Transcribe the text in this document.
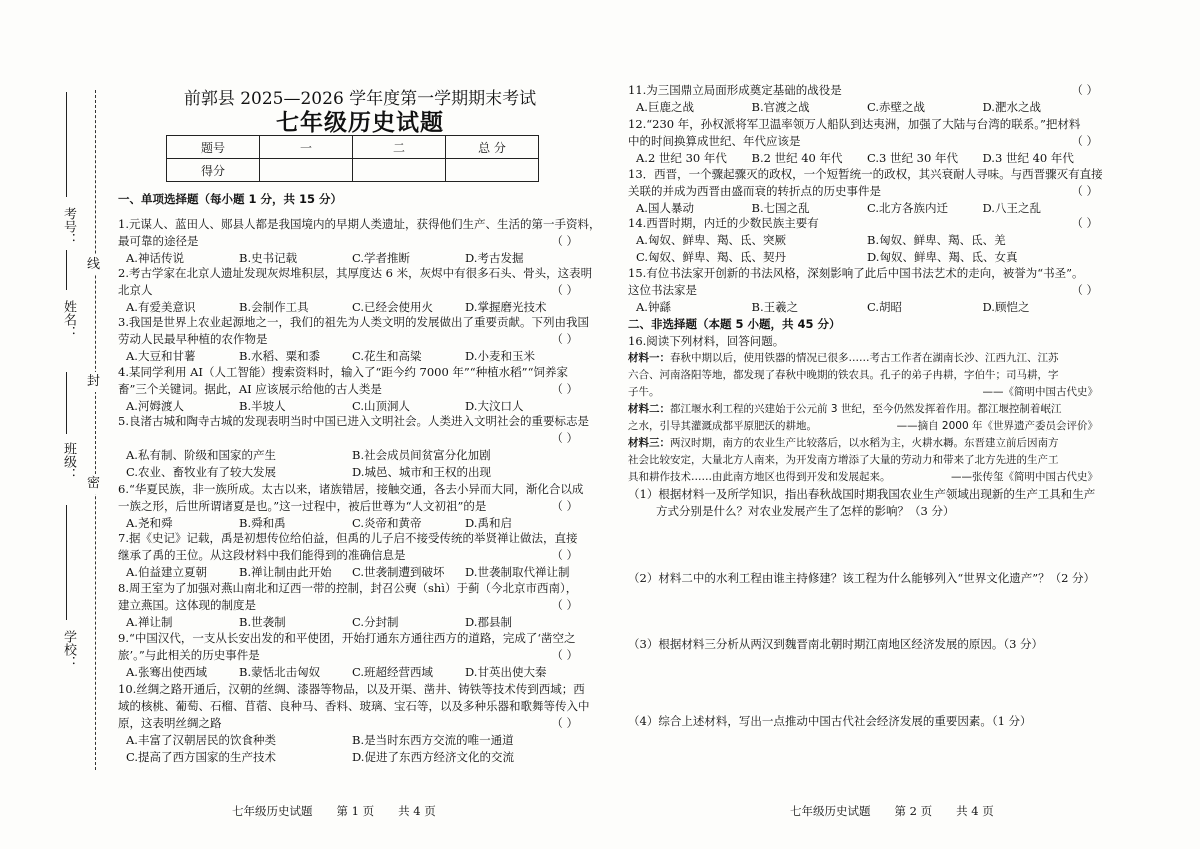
线
封
密
考号：
姓名：
班级：
学校：
前郭县 2025—2026 学年度第一学期期末考试
七年级历史试题
题号	一	二	总 分
得分			
一、单项选择题（每小题 1 分，共 15 分）
1.元谋人、蓝田人、郧县人都是我国境内的早期人类遗址，获得他们生产、生活的第一手资料，
最可靠的途径是	（ ）
A.神话传说	B.史书记载	C.学者推断	D.考古发掘
2.考古学家在北京人遗址发现灰烬堆积层，其厚度达 6 米，灰烬中有很多石头、骨头，这表明
北京人	（ ）
A.有爱美意识	B.会制作工具	C.已经会使用火	D.掌握磨光技术
3.我国是世界上农业起源地之一，我们的祖先为人类文明的发展做出了重要贡献。下列由我国
劳动人民最早种植的农作物是	（ ）
A.大豆和甘薯	B.水稻、粟和黍	C.花生和高粱	D.小麦和玉米
4.某同学利用 AI（人工智能）搜索资料时，输入了“距今约 7000 年”“种植水稻”“饲养家
畜”三个关键词。据此，AI 应该展示给他的古人类是	（ ）
A.河姆渡人	B.半坡人	C.山顶洞人	D.大汶口人
5.良渚古城和陶寺古城的发现表明当时中国已进入文明社会。人类进入文明社会的重要标志是
（ ）
A.私有制、阶级和国家的产生	B.社会成员间贫富分化加剧
C.农业、畜牧业有了较大发展	D.城邑、城市和王权的出现
6.“华夏民族，非一族所成。太古以来，诸族错居，接触交通，各去小异而大同，渐化合以成
一族之形，后世所谓诸夏是也。”这一过程中，被后世尊为“人文初祖”的是	（ ）
A.尧和舜	B.舜和禹	C.炎帝和黄帝	D.禹和启
7.据《史记》记载，禹是初想传位给伯益，但禹的儿子启不接受传统的举贤禅让做法，直接
继承了禹的王位。从这段材料中我们能得到的准确信息是	（ ）
A.伯益建立夏朝	B.禅让制由此开始	C.世袭制遭到破坏	D.世袭制取代禅让制
8.周王室为了加强对燕山南北和辽西一带的控制，封召公奭（shì）于蓟（今北京市西南），
建立燕国。这体现的制度是	（ ）
A.禅让制	B.世袭制	C.分封制	D.郡县制
9.“中国汉代，一支从长安出发的和平使团，开始打通东方通往西方的道路，完成了‘凿空之
旅’。”与此相关的历史事件是	（ ）
A.张骞出使西域	B.蒙恬北击匈奴	C.班超经营西域	D.甘英出使大秦
10.丝绸之路开通后，汉朝的丝绸、漆器等物品，以及开渠、凿井、铸铁等技术传到西域；西
域的核桃、葡萄、石榴、苜蓿、良种马、香料、玻璃、宝石等，以及多种乐器和歌舞等传入中
原，这表明丝绸之路	（ ）
A.丰富了汉朝居民的饮食种类	B.是当时东西方交流的唯一通道
C.提高了西方国家的生产技术	D.促进了东西方经济文化的交流
七年级历史试题 第 1 页 共 4 页
11.为三国鼎立局面形成奠定基础的战役是	（ ）
A.巨鹿之战	B.官渡之战	C.赤壁之战	D.淝水之战
12.“230 年，孙权派将军卫温率领万人船队到达夷洲，加强了大陆与台湾的联系。”把材料
中的时间换算成世纪、年代应该是	（ ）
A.2 世纪 30 年代	B.2 世纪 40 年代	C.3 世纪 30 年代	D.3 世纪 40 年代
13．西晋，一个骤起骤灭的政权，一个短暂统一的政权，其兴衰耐人寻味。与西晋骤灭有直接
关联的并成为西晋由盛而衰的转折点的历史事件是	（ ）
A.国人暴动	B.七国之乱	C.北方各族内迁	D.八王之乱
14.西晋时期，内迁的少数民族主要有	（ ）
A.匈奴、鲜卑、羯、氐、突厥	B.匈奴、鲜卑、羯、氐、羌
C.匈奴、鲜卑、羯、氐、契丹	D.匈奴、鲜卑、羯、氐、女真
15.有位书法家开创新的书法风格，深刻影响了此后中国书法艺术的走向，被誉为“书圣”。
这位书法家是	（ ）
A.钟繇	B.王羲之	C.胡昭	D.顾恺之
二、非选择题（本题 5 小题，共 45 分）
16.阅读下列材料，回答问题。
材料一：春秋中期以后，使用铁器的情况已很多……考古工作者在湖南长沙、江西九江、江苏
六合、河南洛阳等地，都发现了春秋中晚期的铁农具。孔子的弟子冉耕，字伯牛；司马耕，字
子牛。	——《简明中国古代史》
材料二：都江堰水利工程的兴建始于公元前 3 世纪，至今仍然发挥着作用。都江堰控制着岷江
之水，引导其灌溉成都平原肥沃的耕地。	——摘自 2000 年《世界遗产委员会评价》
材料三：两汉时期，南方的农业生产比较落后，以水稻为主，火耕水耨。东晋建立前后因南方
社会比较安定，大量北方人南来，为开发南方增添了大量的劳动力和带来了北方先进的生产工
具和耕作技术……由此南方地区也得到开发和发展起来。	——张传玺《简明中国古代史》
（1）根据材料一及所学知识，指出春秋战国时期我国农业生产领域出现新的生产工具和生产
方式分别是什么？对农业发展产生了怎样的影响？（3 分）
（2）材料二中的水利工程由谁主持修建？该工程为什么能够列入“世界文化遗产”？（2 分）
（3）根据材料三分析从两汉到魏晋南北朝时期江南地区经济发展的原因。（3 分）
（4）综合上述材料，写出一点推动中国古代社会经济发展的重要因素。（1 分）
七年级历史试题 第 2 页 共 4 页
